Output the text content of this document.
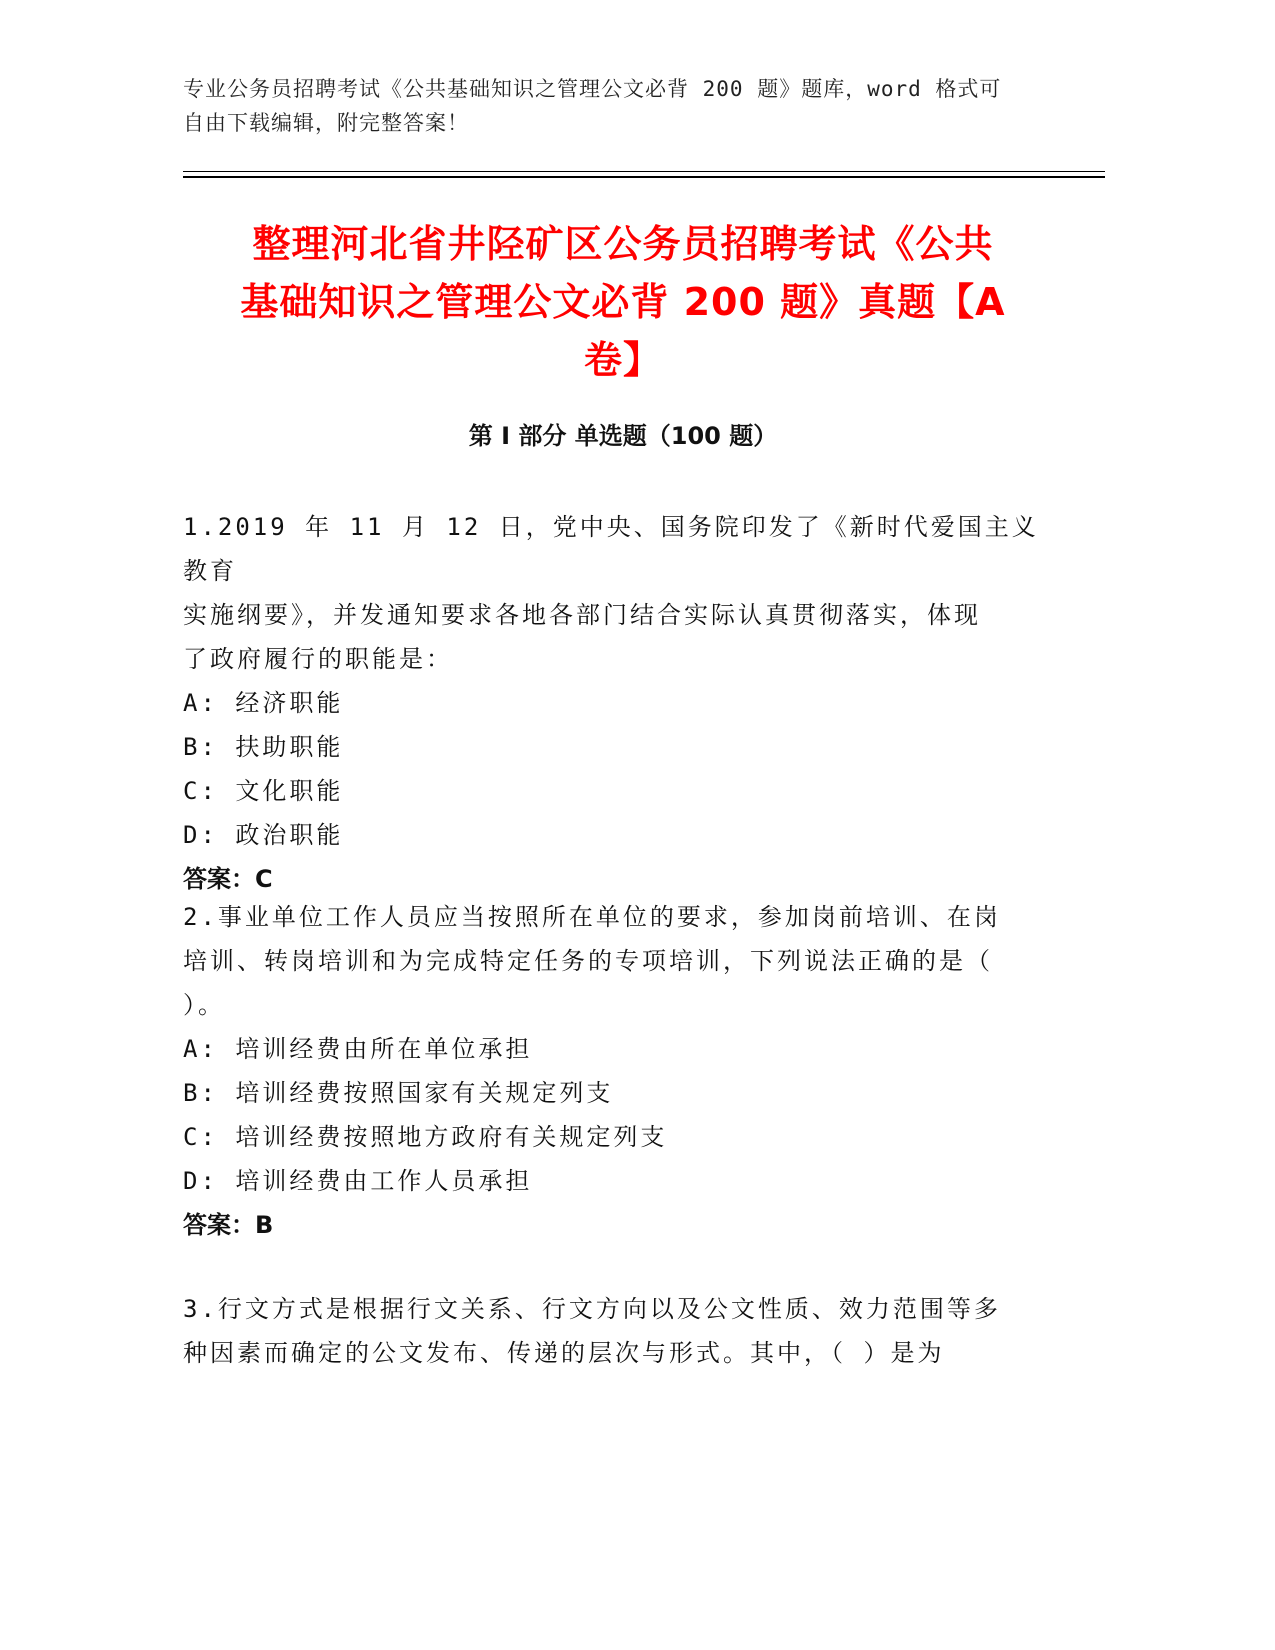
专业公务员招聘考试《公共基础知识之管理公文必背 200 题》题库，word 格式可
自由下载编辑，附完整答案！
整理河北省井陉矿区公务员招聘考试《公共
基础知识之管理公文必背 200 题》真题【A
卷】
第 I 部分 单选题（100 题）

1.2019 年 11 月 12 日，党中央、国务院印发了《新时代爱国主义教育

实施纲要》，并发通知要求各地各部门结合实际认真贯彻落实，体现

了政府履行的职能是：

A: 经济职能

B: 扶助职能

C: 文化职能

D: 政治职能

答案：C

2.事业单位工作人员应当按照所在单位的要求，参加岗前培训、在岗

培训、转岗培训和为完成特定任务的专项培训，下列说法正确的是（

）。

A: 培训经费由所在单位承担

B: 培训经费按照国家有关规定列支

C: 培训经费按照地方政府有关规定列支

D: 培训经费由工作人员承担

答案：B

3.行文方式是根据行文关系、行文方向以及公文性质、效力范围等多

种因素而确定的公文发布、传递的层次与形式。其中，（ ）是为
